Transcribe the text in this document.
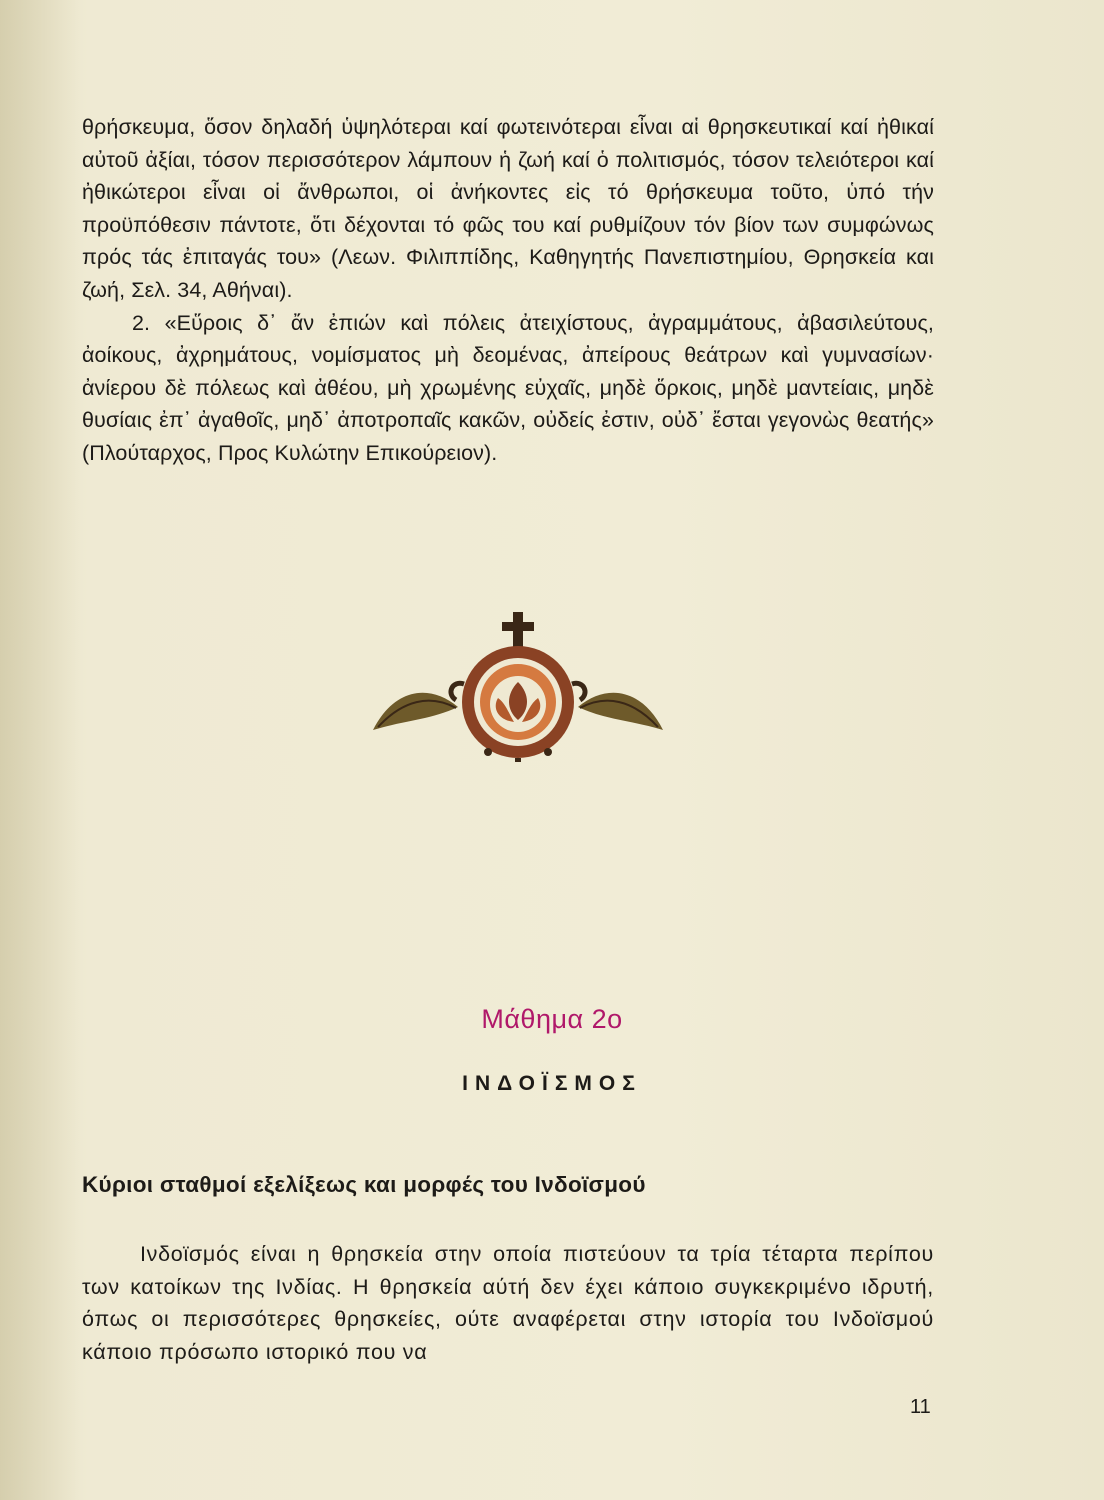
θρήσκευμα, ὅσον δηλαδή ὑψηλότεραι καί φωτεινότεραι εἶναι αἱ θρησκευτικαί καί ἠθικαί αὐτοῦ ἀξίαι, τόσον περισσότερον λάμπουν ἡ ζωή καί ὁ πολιτισμός, τόσον τελειότεροι καί ἠθικώτεροι εἶναι οἱ ἄνθρωποι, οἱ ἀνήκοντες εἰς τό θρήσκευμα τοῦτο, ὑπό τήν προϋπόθεσιν πάντοτε, ὅτι δέχονται τό φῶς του καί ρυθμίζουν τόν βίον των συμφώνως πρός τάς ἐπιταγάς του» (Λεων. Φιλιππίδης, Καθηγητής Πανεπιστημίου, Θρησκεία και ζωή, Σελ. 34, Αθήναι).

2. «Εὕροις δ᾽ ἄν ἐπιών καὶ πόλεις ἀτειχίστους, ἀγραμμάτους, ἀβασιλεύτους, ἀοίκους, ἀχρημάτους, νομίσματος μὴ δεομένας, ἀπείρους θεάτρων καὶ γυμνασίων· ἀνίερου δὲ πόλεως καὶ ἀθέου, μὴ χρωμένης εὐχαῖς, μηδὲ ὅρκοις, μηδὲ μαντείαις, μηδὲ θυσίαις ἐπ᾽ ἀγαθοῖς, μηδ᾽ ἀποτροπαῖς κακῶν, οὐδείς ἐστιν, οὐδ᾽ ἔσται γεγονὼς θεατής» (Πλούταρχος, Προς Κυλώτην Επικούρειον).

Μάθημα 2ο
ΙΝΔΟΪΣΜΟΣ
Κύριοι σταθμοί εξελίξεως και μορφές του Ινδοϊσμού

Ινδοϊσμός είναι η θρησκεία στην οποία πιστεύουν τα τρία τέταρτα περίπου των κατοίκων της Ινδίας. Η θρησκεία αύτή δεν έχει κάποιο συγκεκριμένο ιδρυτή, όπως οι περισσότερες θρησκείες, ούτε αναφέρεται στην ιστορία του Ινδοϊσμού κάποιο πρόσωπο ιστορικό που να

11
